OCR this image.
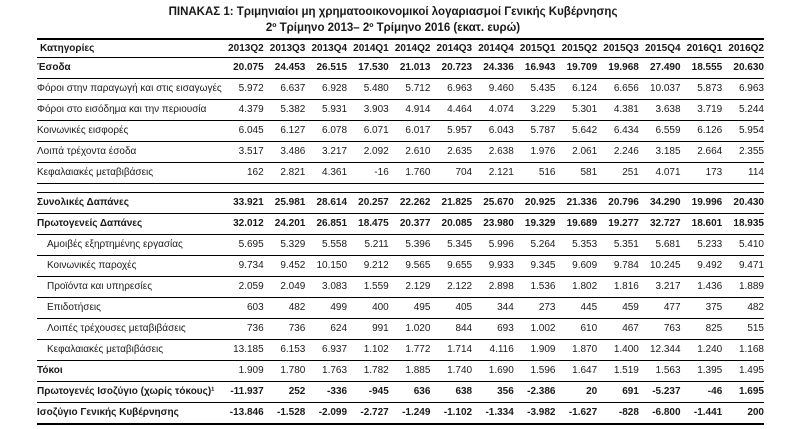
ΠΙΝΑΚΑΣ 1: Τριμηνιαίοι μη χρηματοοικονομικοί λογαριασμοί Γενικής Κυβέρνησης
2º Τρίμηνο 2013– 2º Τρίμηνο 2016 (εκατ. ευρώ)
Κατηγορίες	2013Q2	2013Q3	2013Q4	2014Q1	2014Q2	2014Q3	2014Q4	2015Q1	2015Q2	2015Q3	2015Q4	2016Q1	2016Q2
Έσοδα	20.075	24.453	26.515	17.530	21.013	20.723	24.336	16.943	19.709	19.968	27.490	18.555	20.630
Φόροι στην παραγωγή και στις εισαγωγές	5.972	6.637	6.928	5.480	5.712	6.963	9.460	5.435	6.124	6.656	10.037	5.873	6.963
Φόροι στο εισόδημα και την περιουσία	4.379	5.382	5.931	3.903	4.914	4.464	4.074	3.229	5.301	4.381	3.638	3.719	5.244
Κοινωνικές εισφορές	6.045	6.127	6.078	6.071	6.017	5.957	6.043	5.787	5.642	6.434	6.559	6.126	5.954
Λοιπά τρέχοντα έσοδα	3.517	3.486	3.217	2.092	2.610	2.635	2.638	1.976	2.061	2.246	3.185	2.664	2.355
Κεφαλαιακές μεταβιβάσεις	162	2.821	4.361	-16	1.760	704	2.121	516	581	251	4.071	173	114

Συνολικές Δαπάνες	33.921	25.981	28.614	20.257	22.262	21.825	25.670	20.925	21.336	20.796	34.290	19.996	20.430
Πρωτογενείς Δαπάνες	32.012	24.201	26.851	18.475	20.377	20.085	23.980	19.329	19.689	19.277	32.727	18.601	18.935
Αμοιβές εξηρτημένης εργασίας	5.695	5.329	5.558	5.211	5.396	5.345	5.996	5.264	5.353	5.351	5.681	5.233	5.410
Κοινωνικές παροχές	9.734	9.452	10.150	9.212	9.565	9.655	9.933	9.345	9.609	9.784	10.245	9.492	9.471
Προϊόντα και υπηρεσίες	2.059	2.049	3.083	1.559	2.129	2.122	2.898	1.536	1.802	1.816	3.217	1.436	1.889
Επιδοτήσεις	603	482	499	400	495	405	344	273	445	459	477	375	482
Λοιπές τρέχουσες μεταβιβάσεις	736	736	624	991	1.020	844	693	1.002	610	467	763	825	515
Κεφαλαιακές μεταβιβάσεις	13.185	6.153	6.937	1.102	1.772	1.714	4.116	1.909	1.870	1.400	12.344	1.240	1.168
Τόκοι	1.909	1.780	1.763	1.782	1.885	1.740	1.690	1.596	1.647	1.519	1.563	1.395	1.495
Πρωτογενές Ισοζύγιο (χωρίς τόκους)¹	-11.937	252	-336	-945	636	638	356	-2.386	20	691	-5.237	-46	1.695
Ισοζύγιο Γενικής Κυβέρνησης	-13.846	-1.528	-2.099	-2.727	-1.249	-1.102	-1.334	-3.982	-1.627	-828	-6.800	-1.441	200
